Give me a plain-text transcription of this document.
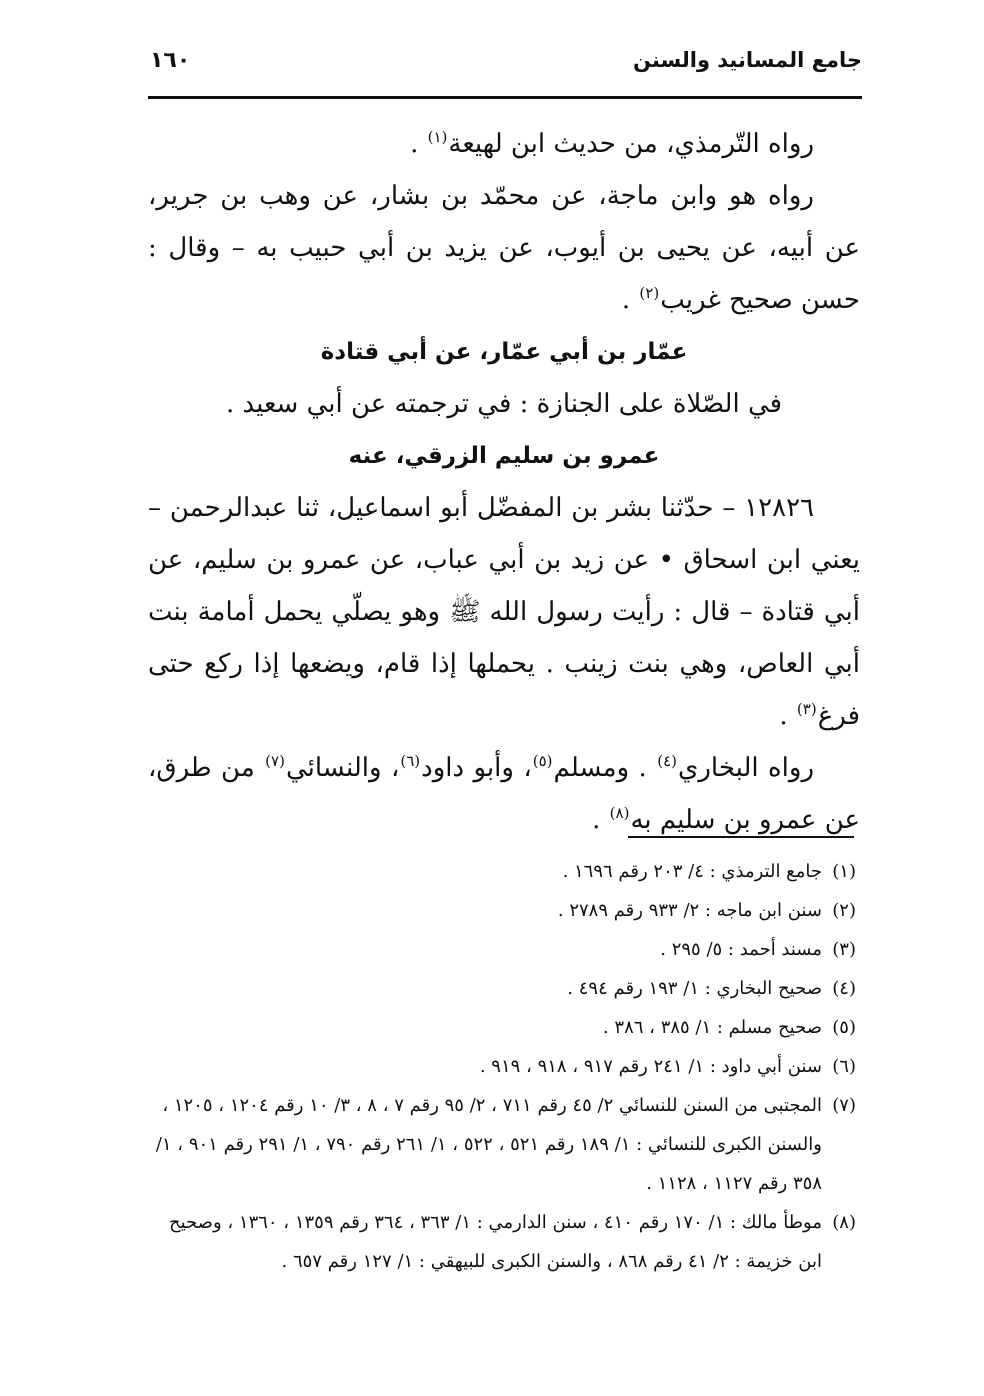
جامع المسانيد والسنن
١٦٠

رواه التّرمذي، من حديث ابن لهيعة$^{(١)}$ .

رواه هو وابن ماجة، عن محمّد بن بشار، عن وهب بن جرير، عن أبيه، عن يحيى بن أيوب، عن يزيد بن أبي حبيب به – وقال : حسن صحيح غريب$^{(٢)}$ .

عمّار بن أبي عمّار، عن أبي قتادة

في الصّلاة على الجنازة : في ترجمته عن أبي سعيد .

عمرو بن سليم الزرقي، عنه

١٢٨٢٦ – حدّثنا بشر بن المفضّل أبو اسماعيل، ثنا عبدالرحمن – يعني ابن اسحاق • عن زيد بن أبي عباب، عن عمرو بن سليم، عن أبي قتادة – قال : رأيت رسول الله ﷺ وهو يصلّي يحمل أمامة بنت أبي العاص، وهي بنت زينب . يحملها إذا قام، ويضعها إذا ركع حتى فرغ$^{(٣)}$ .

رواه البخاري$^{(٤)}$ . ومسلم$^{(٥)}$، وأبو داود$^{(٦)}$، والنسائي$^{(٧)}$ من طرق، عن عمرو بن سليم به$^{(٨)}$ .

(١)جامع الترمذي : ٤/ ٢٠٣ رقم ١٦٩٦ .

(٢)سنن ابن ماجه : ٢/ ٩٣٣ رقم ٢٧٨٩ .

(٣)مسند أحمد : ٥/ ٢٩٥ .

(٤)صحيح البخاري : ١/ ١٩٣ رقم ٤٩٤ .

(٥)صحيح مسلم : ١/ ٣٨٥ ، ٣٨٦ .

(٦)سنن أبي داود : ١/ ٢٤١ رقم ٩١٧ ، ٩١٨ ، ٩١٩ .

(٧)المجتبى من السنن للنسائي ٢/ ٤٥ رقم ٧١١ ، ٢/ ٩٥ رقم ٧ ، ٨ ، ٣/ ١٠ رقم ١٢٠٤ ، ١٢٠٥ ، والسنن الكبرى للنسائي : ١/ ١٨٩ رقم ٥٢١ ، ٥٢٢ ، ١/ ٢٦١ رقم ٧٩٠ ، ١/ ٢٩١ رقم ٩٠١ ، ١/ ٣٥٨ رقم ١١٢٧ ، ١١٢٨ .

(٨)موطأ مالك : ١/ ١٧٠ رقم ٤١٠ ، سنن الدارمي : ١/ ٣٦٣ ، ٣٦٤ رقم ١٣٥٩ ، ١٣٦٠ ، وصحيح ابن خزيمة : ٢/ ٤١ رقم ٨٦٨ ، والسنن الكبرى للبيهقي : ١/ ١٢٧ رقم ٦٥٧ .
